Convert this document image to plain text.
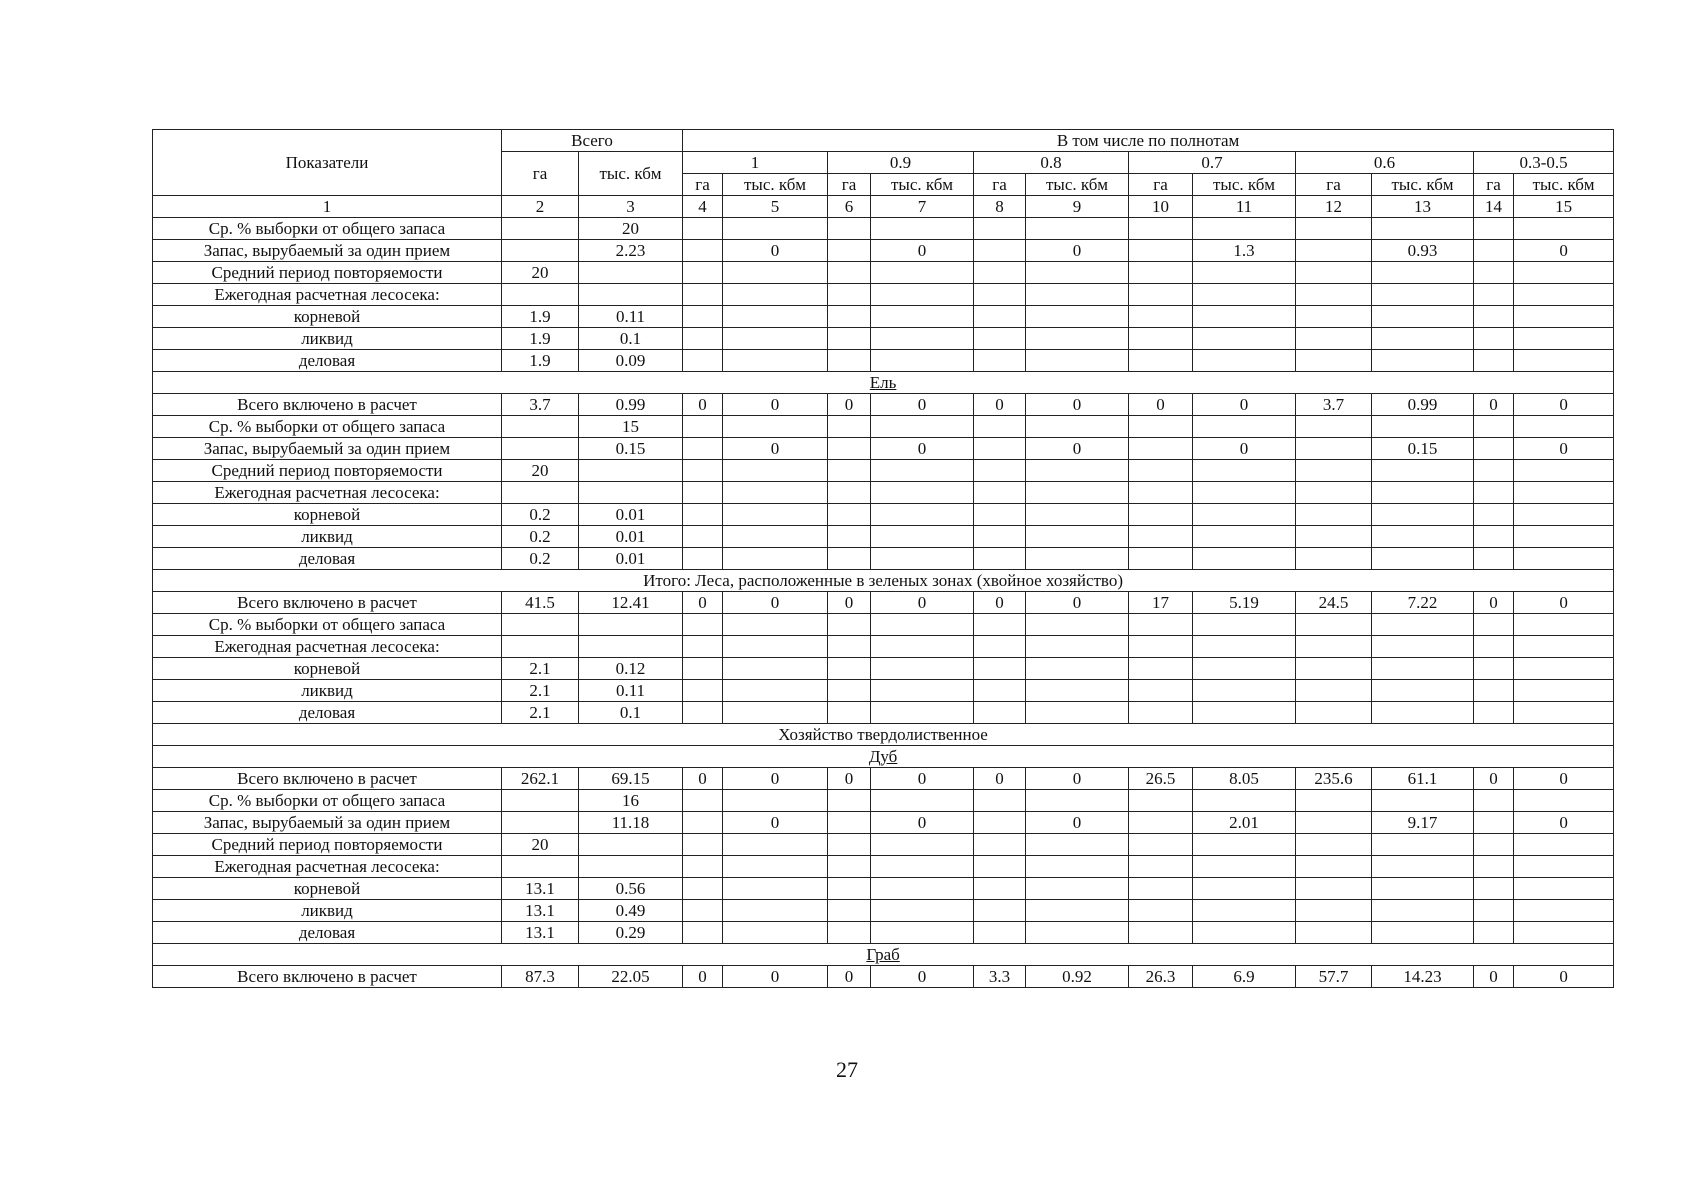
Показатели	Всего		В том числе по полнотам											
	га	тыс. кбм	1		0.9		0.8		0.7		0.6		0.3-0.5	
			га	тыс. кбм	га	тыс. кбм	га	тыс. кбм	га	тыс. кбм	га	тыс. кбм	га	тыс. кбм
1	2	3	4	5	6	7	8	9	10	11	12	13	14	15
Ср. % выборки от общего запаса		20												
Запас, вырубаемый за один прием		2.23		0		0		0		1.3		0.93		0
Средний период повторяемости	20													
Ежегодная расчетная лесосека:														
корневой	1.9	0.11												
ликвид	1.9	0.1												
деловая	1.9	0.09												
Ель														
Всего включено в расчет	3.7	0.99	0	0	0	0	0	0	0	0	3.7	0.99	0	0
Ср. % выборки от общего запаса		15												
Запас, вырубаемый за один прием		0.15		0		0		0		0		0.15		0
Средний период повторяемости	20													
Ежегодная расчетная лесосека:														
корневой	0.2	0.01												
ликвид	0.2	0.01												
деловая	0.2	0.01												
Итого: Леса, расположенные в зеленых зонах (хвойное хозяйство)														
Всего включено в расчет	41.5	12.41	0	0	0	0	0	0	17	5.19	24.5	7.22	0	0
Ср. % выборки от общего запаса														
Ежегодная расчетная лесосека:														
корневой	2.1	0.12												
ликвид	2.1	0.11												
деловая	2.1	0.1												
Хозяйство твердолиственное														
Дуб														
Всего включено в расчет	262.1	69.15	0	0	0	0	0	0	26.5	8.05	235.6	61.1	0	0
Ср. % выборки от общего запаса		16												
Запас, вырубаемый за один прием		11.18		0		0		0		2.01		9.17		0
Средний период повторяемости	20													
Ежегодная расчетная лесосека:														
корневой	13.1	0.56												
ликвид	13.1	0.49												
деловая	13.1	0.29												
Граб														
Всего включено в расчет	87.3	22.05	0	0	0	0	3.3	0.92	26.3	6.9	57.7	14.23	0	0
27
